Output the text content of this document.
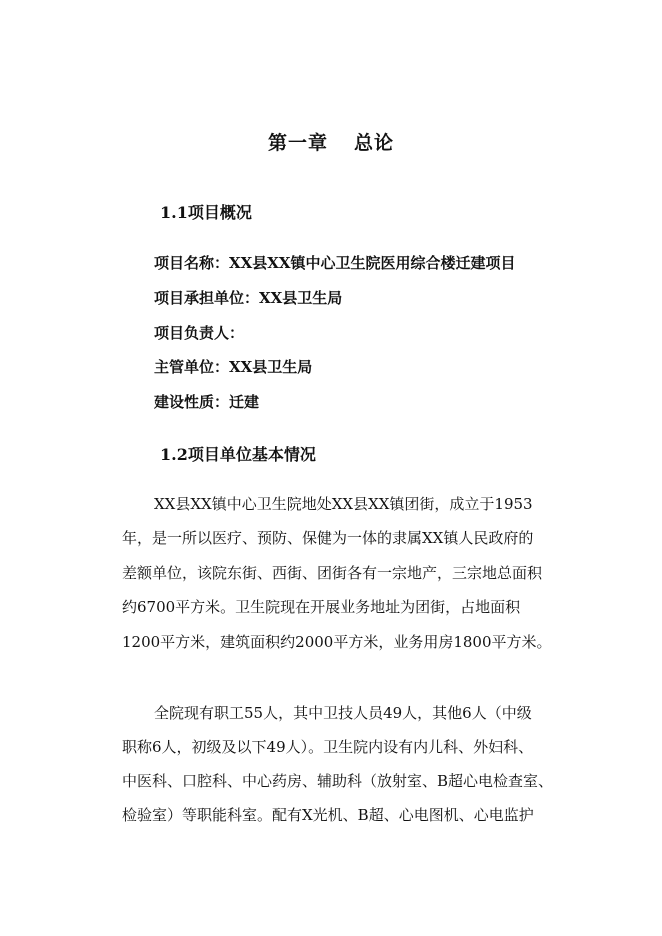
第一章 总论
1.1项目概况
项目名称：XX县XX镇中心卫生院医用综合楼迁建项目
项目承担单位：XX县卫生局
项目负责人：
主管单位：XX县卫生局
建设性质：迁建
1.2项目单位基本情况
XX县XX镇中心卫生院地处XX县XX镇团街，成立于1953
年，是一所以医疗、预防、保健为一体的隶属XX镇人民政府的
差额单位，该院东街、西街、团街各有一宗地产，三宗地总面积
约6700平方米。卫生院现在开展业务地址为团街，占地面积
1200平方米，建筑面积约2000平方米，业务用房1800平方米。
全院现有职工55人，其中卫技人员49人，其他6人（中级
职称6人，初级及以下49人）。卫生院内设有内儿科、外妇科、
中医科、口腔科、中心药房、辅助科（放射室、B超心电检查室、
检验室）等职能科室。配有X光机、B超、心电图机、心电监护
